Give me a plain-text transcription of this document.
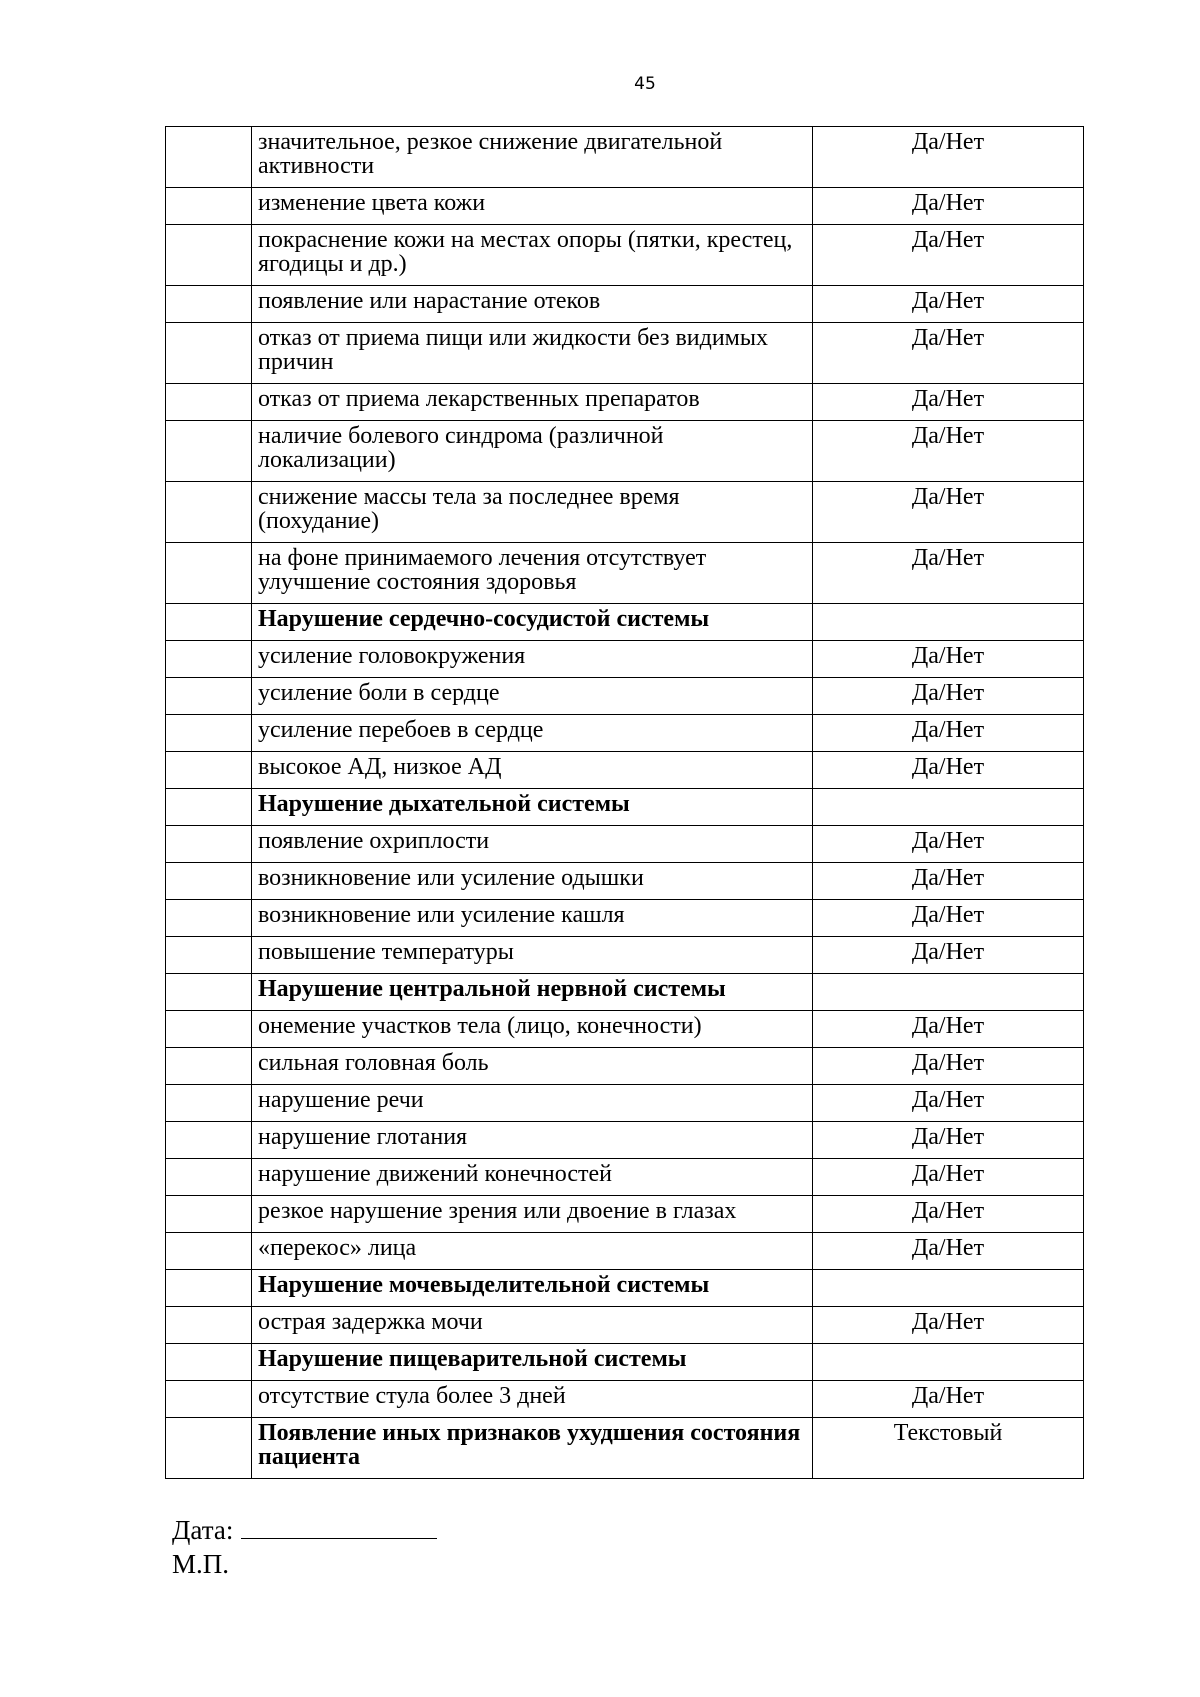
45
	значительное, резкое снижение двигательной активности	Да/Нет
	изменение цвета кожи	Да/Нет
	покраснение кожи на местах опоры (пятки, крестец, ягодицы и др.)	Да/Нет
	появление или нарастание отеков	Да/Нет
	отказ от приема пищи или жидкости без видимых причин	Да/Нет
	отказ от приема лекарственных препаратов	Да/Нет
	наличие болевого синдрома (различной локализации)	Да/Нет
	снижение массы тела за последнее время (похудание)	Да/Нет
	на фоне принимаемого лечения отсутствует улучшение состояния здоровья	Да/Нет
	Нарушение сердечно-сосудистой системы	
	усиление головокружения	Да/Нет
	усиление боли в сердце	Да/Нет
	усиление перебоев в сердце	Да/Нет
	высокое АД, низкое АД	Да/Нет
	Нарушение дыхательной системы	
	появление охриплости	Да/Нет
	возникновение или усиление одышки	Да/Нет
	возникновение или усиление кашля	Да/Нет
	повышение температуры	Да/Нет
	Нарушение центральной нервной системы	
	онемение участков тела (лицо, конечности)	Да/Нет
	сильная головная боль	Да/Нет
	нарушение речи	Да/Нет
	нарушение глотания	Да/Нет
	нарушение движений конечностей	Да/Нет
	резкое нарушение зрения или двоение в глазах	Да/Нет
	«перекос» лица	Да/Нет
	Нарушение мочевыделительной системы	
	острая задержка мочи	Да/Нет
	Нарушение пищеварительной системы	
	отсутствие стула более 3 дней	Да/Нет
	Появление иных признаков ухудшения состояния пациента	Текстовый
Дата:
М.П.
